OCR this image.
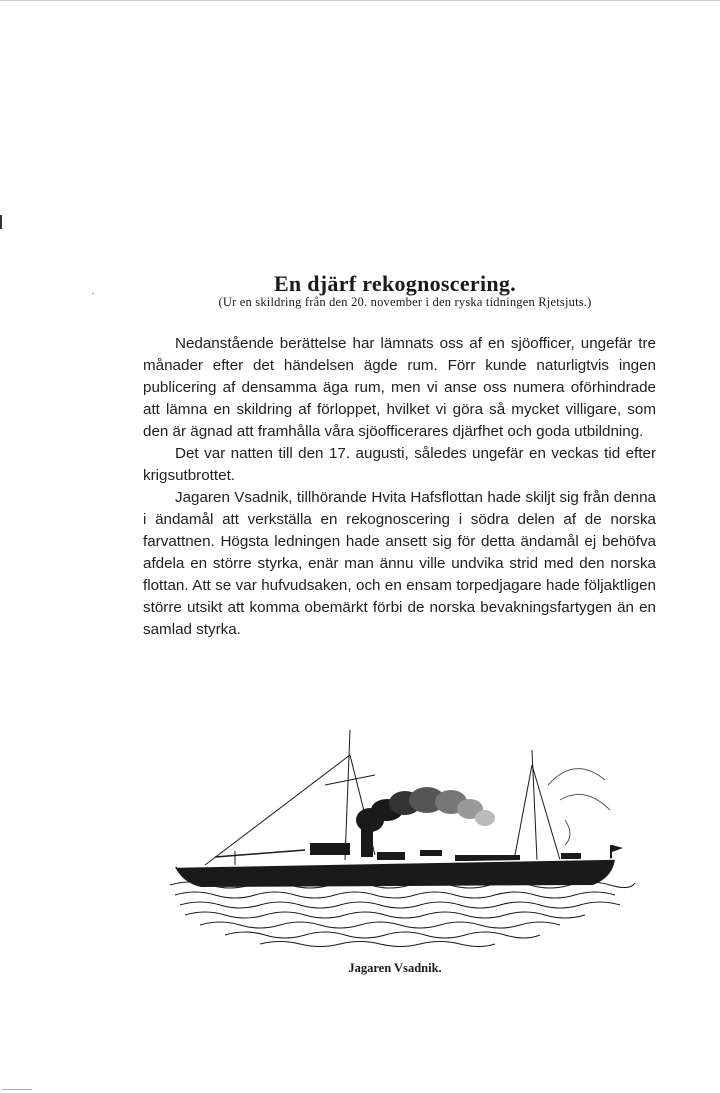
En djärf rekognoscering.
(Ur en skildring från den 20. november i den ryska tidningen Rjetsjuts.)

Nedanstående berättelse har lämnats oss af en sjöofficer, ungefär tre månader efter det händelsen ägde rum. Förr kunde naturligtvis ingen publicering af densamma äga rum, men vi anse oss numera oförhindrade att lämna en skildring af förloppet, hvilket vi göra så mycket villigare, som den är ägnad att framhålla våra sjöofficerares djärfhet och goda utbildning.

Det var natten till den 17. augusti, således ungefär en veckas tid efter krigsutbrottet.

Jagaren Vsadnik, tillhörande Hvita Hafsflottan hade skiljt sig från denna i ändamål att verkställa en rekognoscering i södra delen af de norska farvattnen. Högsta ledningen hade ansett sig för detta ändamål ej behöfva afdela en större styrka, enär man ännu ville undvika strid med den norska flottan. Att se var hufvudsaken, och en ensam torpedjagare hade följaktligen större utsikt att komma obemärkt förbi de norska bevakningsfartygen än en samlad styrka.

Jagaren Vsadnik.
